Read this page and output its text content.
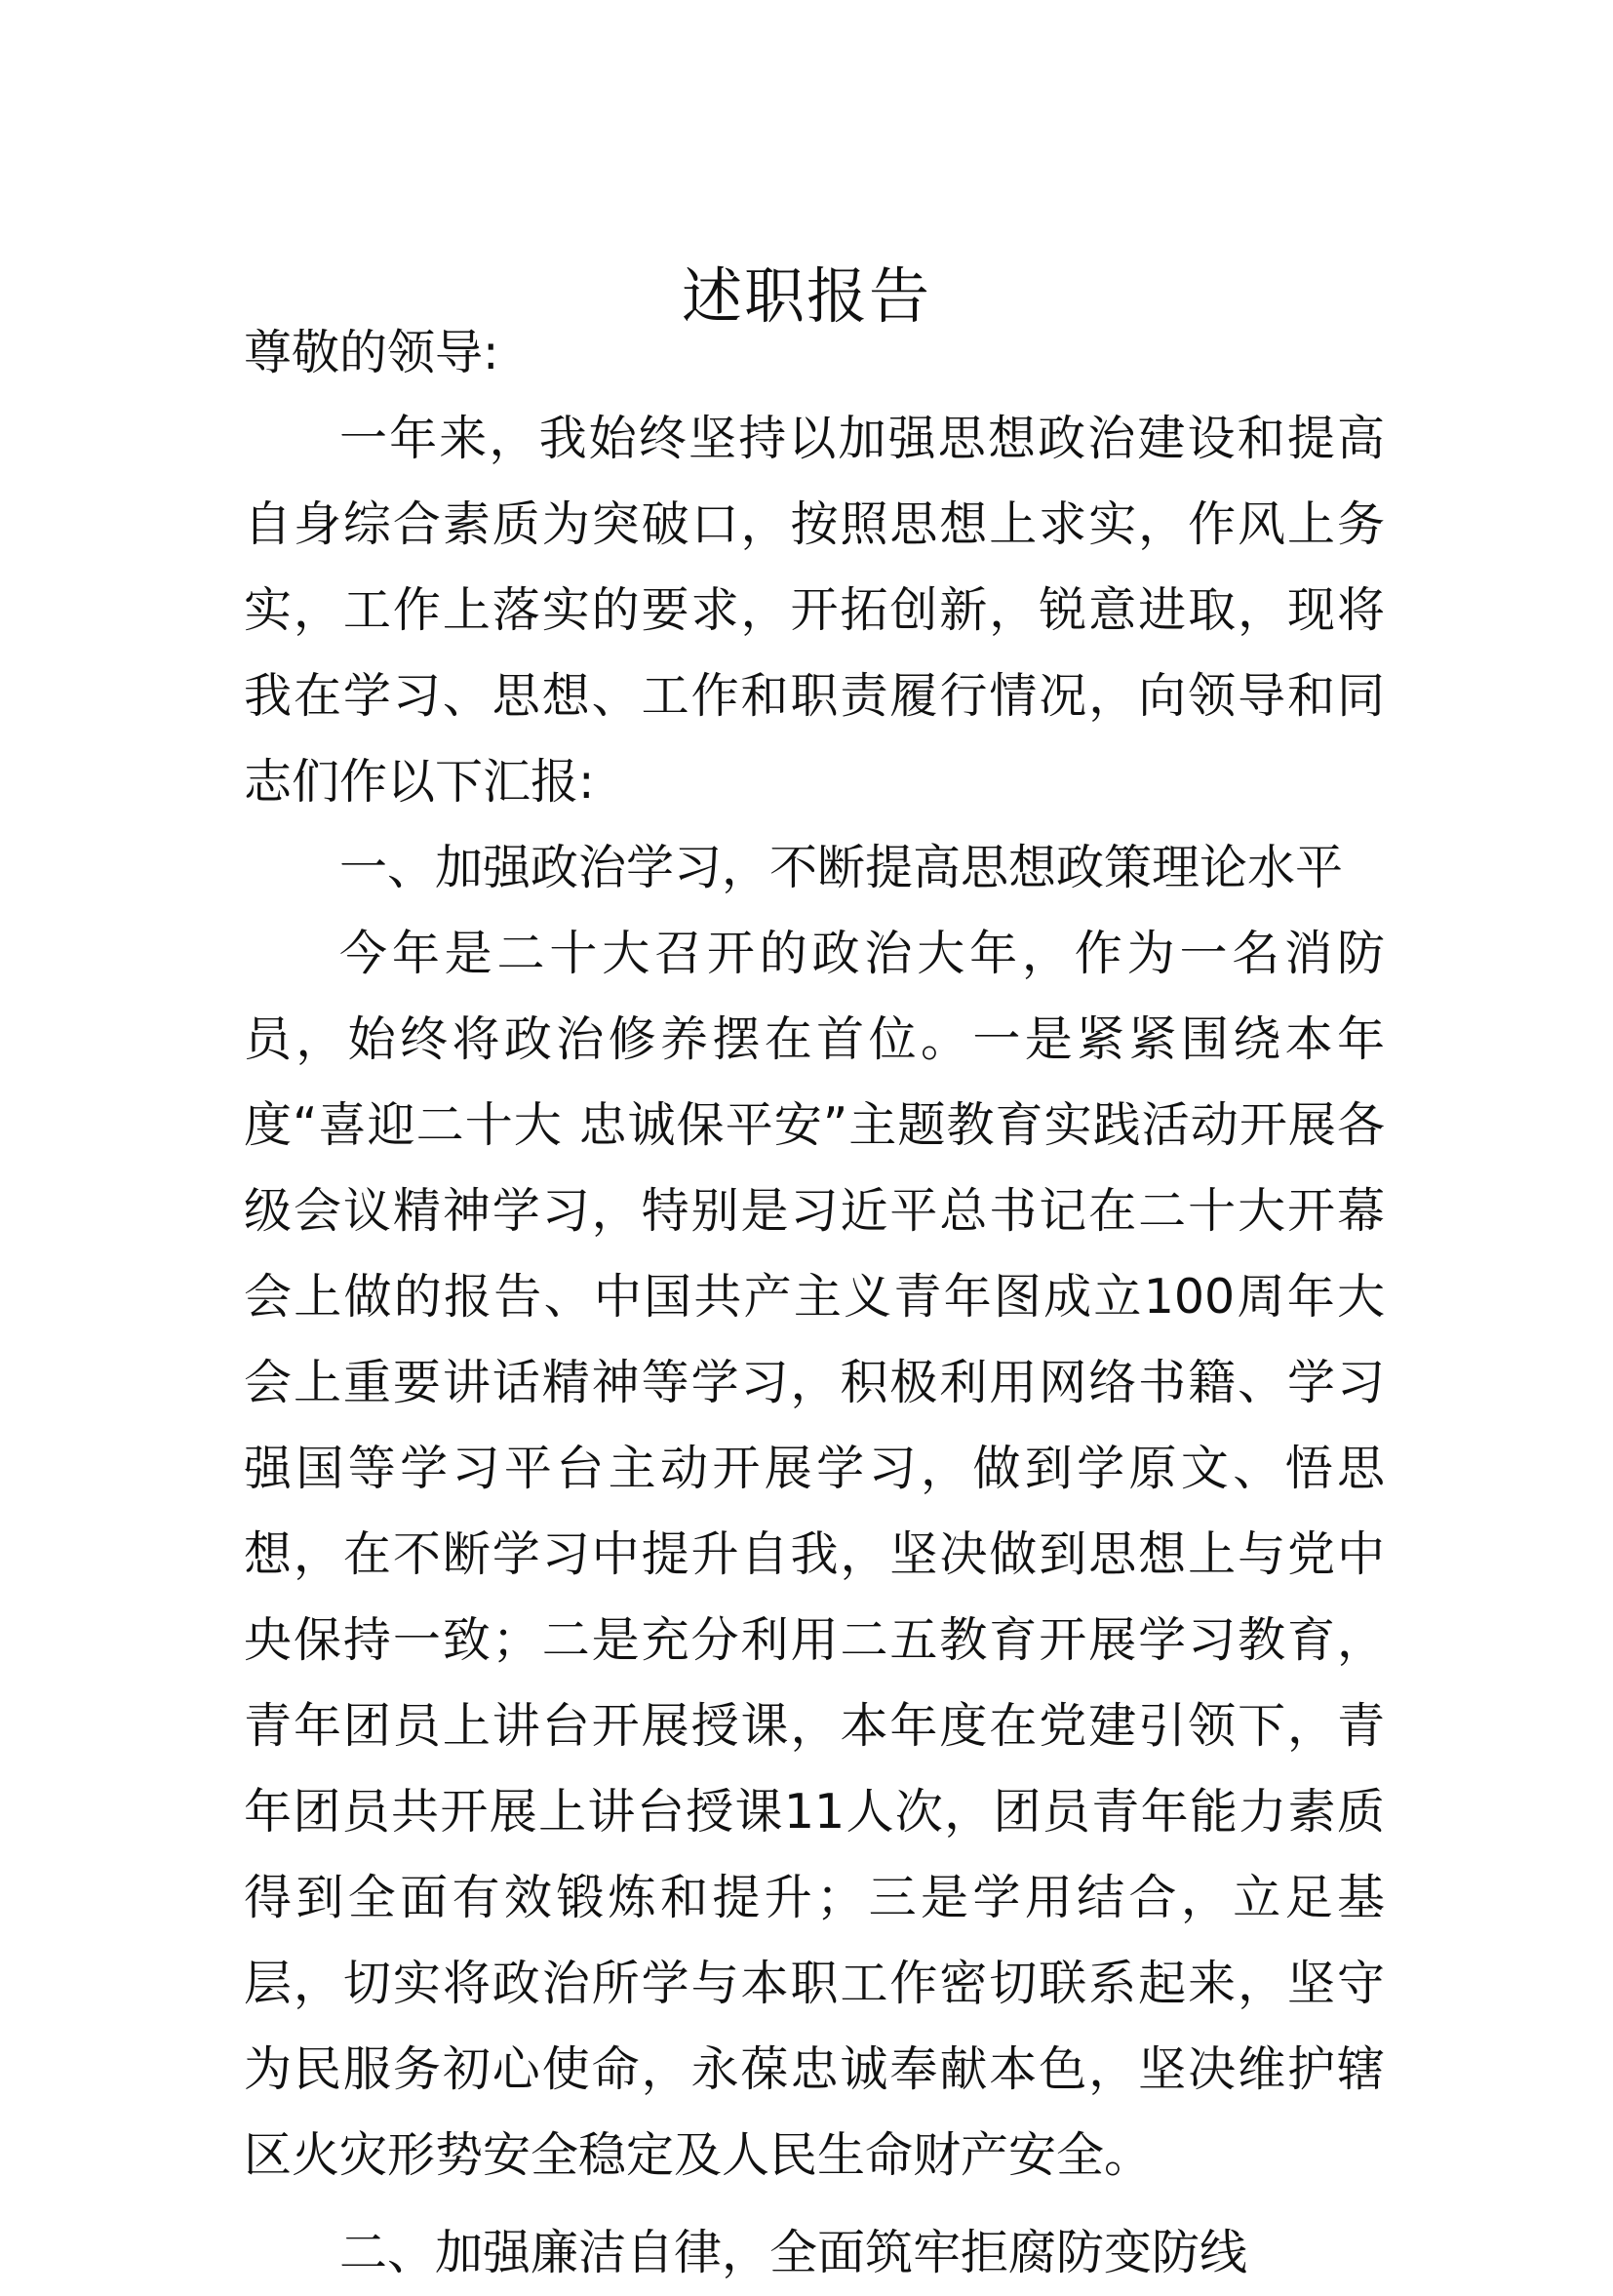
述职报告

尊敬的领导:

一年来，我始终坚持以加强思想政治建设和提高自身综合素质为突破口，按照思想上求实，作风上务实，工作上落实的要求，开拓创新，锐意进取，现将我在学习、思想、工作和职责履行情况，向领导和同志们作以下汇报:

一、加强政治学习，不断提高思想政策理论水平

今年是二十大召开的政治大年，作为一名消防员，始终将政治修养摆在首位。一是紧紧围绕本年度“喜迎二十大 忠诚保平安”主题教育实践活动开展各级会议精神学习，特别是习近平总书记在二十大开幕会上做的报告、中国共产主义青年图成立100周年大会上重要讲话精神等学习，积极利用网络书籍、学习强国等学习平台主动开展学习，做到学原文、悟思想，在不断学习中提升自我，坚决做到思想上与党中央保持一致；二是充分利用二五教育开展学习教育，青年团员上讲台开展授课，本年度在党建引领下，青年团员共开展上讲台授课11人次，团员青年能力素质得到全面有效锻炼和提升；三是学用结合，立足基层，切实将政治所学与本职工作密切联系起来，坚守为民服务初心使命，永葆忠诚奉献本色，坚决维护辖区火灾形势安全稳定及人民生命财产安全。

二、加强廉洁自律，全面筑牢拒腐防变防线
